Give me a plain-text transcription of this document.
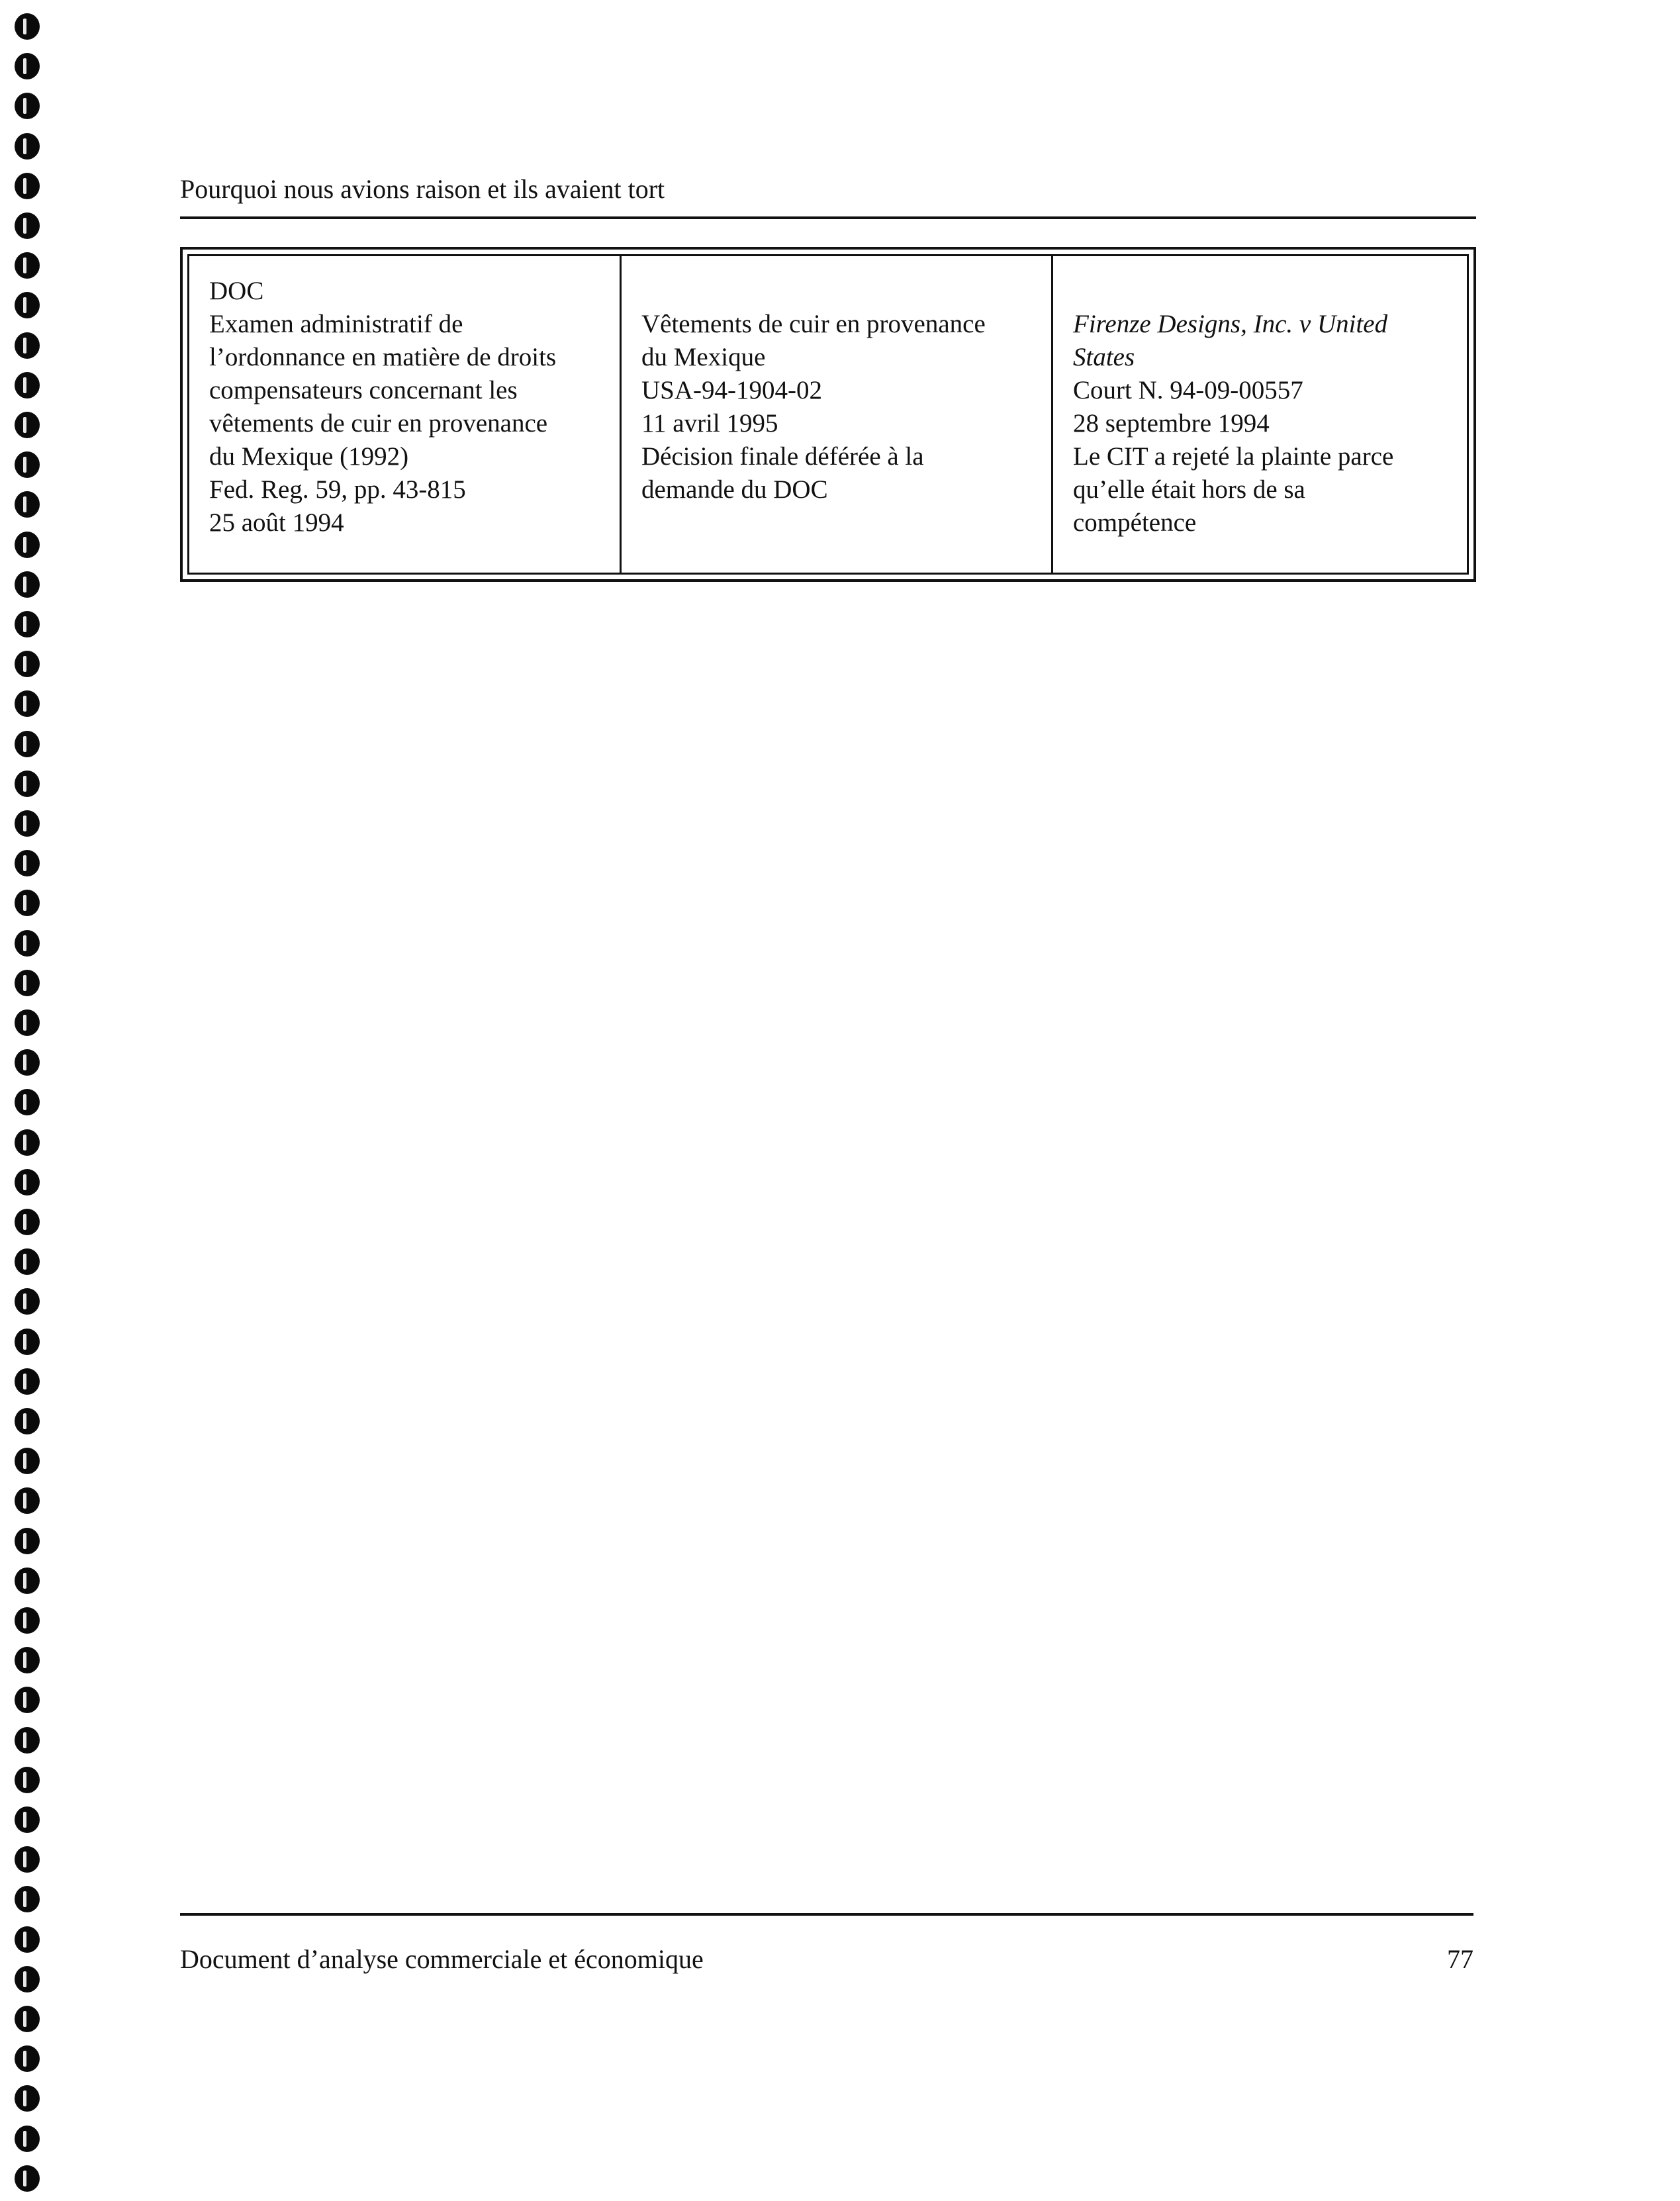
Pourquoi nous avions raison et ils avaient tort
DOC
Examen administratif de
l’ordonnance en matière de droits
compensateurs concernant les
vêtements de cuir en provenance
du Mexique (1992)
Fed. Reg. 59, pp. 43-815
25 août 1994
Vêtements de cuir en provenance
du Mexique
USA-94-1904-02
11 avril 1995
Décision finale déférée à la
demande du DOC
Firenze Designs, Inc. v United
States
Court N. 94-09-00557
28 septembre 1994
Le CIT a rejeté la plainte parce
qu’elle était hors de sa
compétence
Document d’analyse commerciale et économique	77
